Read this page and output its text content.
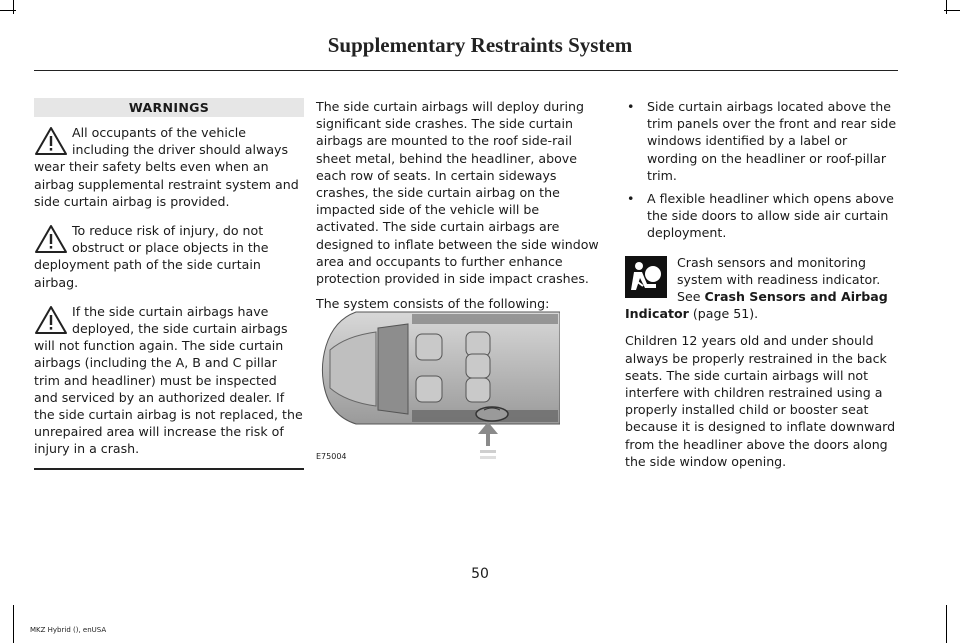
Supplementary Restraints System
WARNINGS

All occupants of the vehicle including the driver should always wear their safety belts even when an airbag supplemental restraint system and side curtain airbag is provided.

To reduce risk of injury, do not obstruct or place objects in the deployment path of the side curtain airbag.

If the side curtain airbags have deployed, the side curtain airbags will not function again. The side curtain airbags (including the A, B and C pillar trim and headliner) must be inspected and serviced by an authorized dealer. If the side curtain airbag is not replaced, the unrepaired area will increase the risk of injury in a crash.

The side curtain airbags will deploy during significant side crashes. The side curtain airbags are mounted to the roof side-rail sheet metal, behind the headliner, above each row of seats. In certain sideways crashes, the side curtain airbag on the impacted side of the vehicle will be activated. The side curtain airbags are designed to inflate between the side window area and occupants to further enhance protection provided in side impact crashes.

The system consists of the following:

E75004
• Side curtain airbags located above the trim panels over the front and rear side windows identified by a label or wording on the headliner or roof-pillar trim.
• A flexible headliner which opens above the side doors to allow side air curtain deployment.

Crash sensors and monitoring system with readiness indicator. See Crash Sensors and Airbag Indicator (page 51).

Children 12 years old and under should always be properly restrained in the back seats. The side curtain airbags will not interfere with children restrained using a properly installed child or booster seat because it is designed to inflate downward from the headliner above the doors along the side window opening.

50
MKZ Hybrid (), enUSA
